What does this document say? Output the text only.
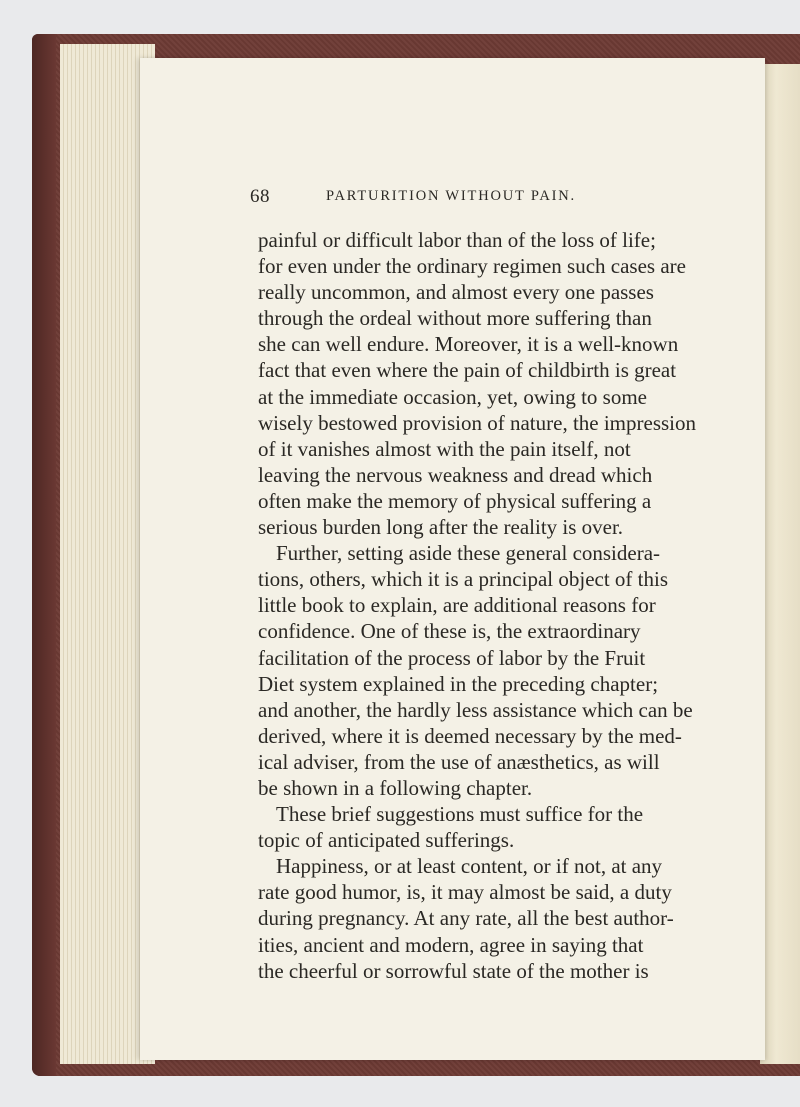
68	PARTURITION WITHOUT PAIN.
painful or difficult labor than of the loss of life;
for even under the ordinary regimen such cases are
really uncommon, and almost every one passes
through the ordeal without more suffering than
she can well endure. Moreover, it is a well-known
fact that even where the pain of childbirth is great
at the immediate occasion, yet, owing to some
wisely bestowed provision of nature, the impression
of it vanishes almost with the pain itself, not
leaving the nervous weakness and dread which
often make the memory of physical suffering a
serious burden long after the reality is over.
Further, setting aside these general considera-
tions, others, which it is a principal object of this
little book to explain, are additional reasons for
confidence. One of these is, the extraordinary
facilitation of the process of labor by the Fruit
Diet system explained in the preceding chapter;
and another, the hardly less assistance which can be
derived, where it is deemed necessary by the med-
ical adviser, from the use of anæsthetics, as will
be shown in a following chapter.
These brief suggestions must suffice for the
topic of anticipated sufferings.
Happiness, or at least content, or if not, at any
rate good humor, is, it may almost be said, a duty
during pregnancy. At any rate, all the best author-
ities, ancient and modern, agree in saying that
the cheerful or sorrowful state of the mother is
